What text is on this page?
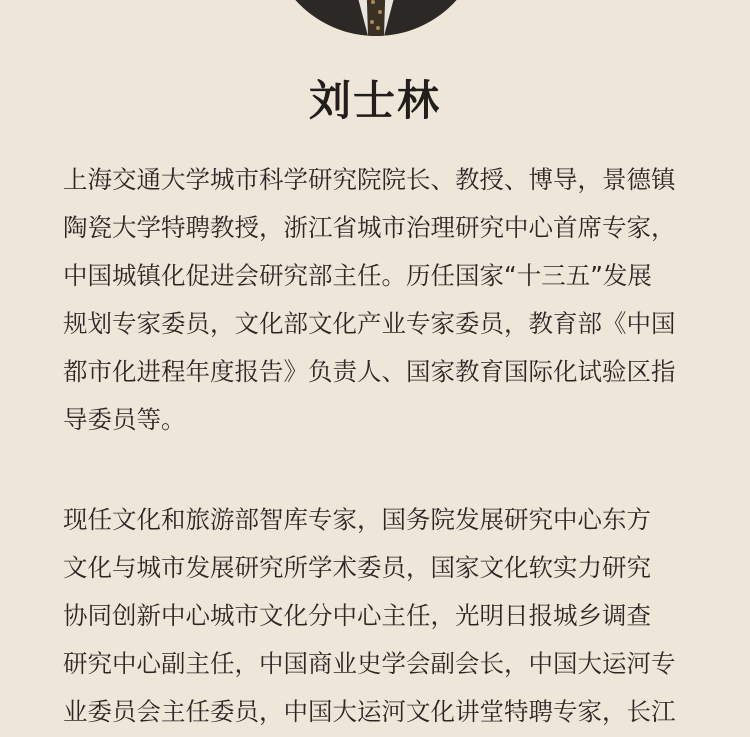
刘士林
上海交通大学城市科学研究院院长、教授、博导，景德镇
陶瓷大学特聘教授，浙江省城市治理研究中心首席专家，
中国城镇化促进会研究部主任。历任国家“十三五”发展
规划专家委员，文化部文化产业专家委员，教育部《中国
都市化进程年度报告》负责人、国家教育国际化试验区指
导委员等。
现任文化和旅游部智库专家，国务院发展研究中心东方
文化与城市发展研究所学术委员，国家文化软实力研究
协同创新中心城市文化分中心主任，光明日报城乡调查
研究中心副主任，中国商业史学会副会长，中国大运河专
业委员会主任委员，中国大运河文化讲堂特聘专家，长江
